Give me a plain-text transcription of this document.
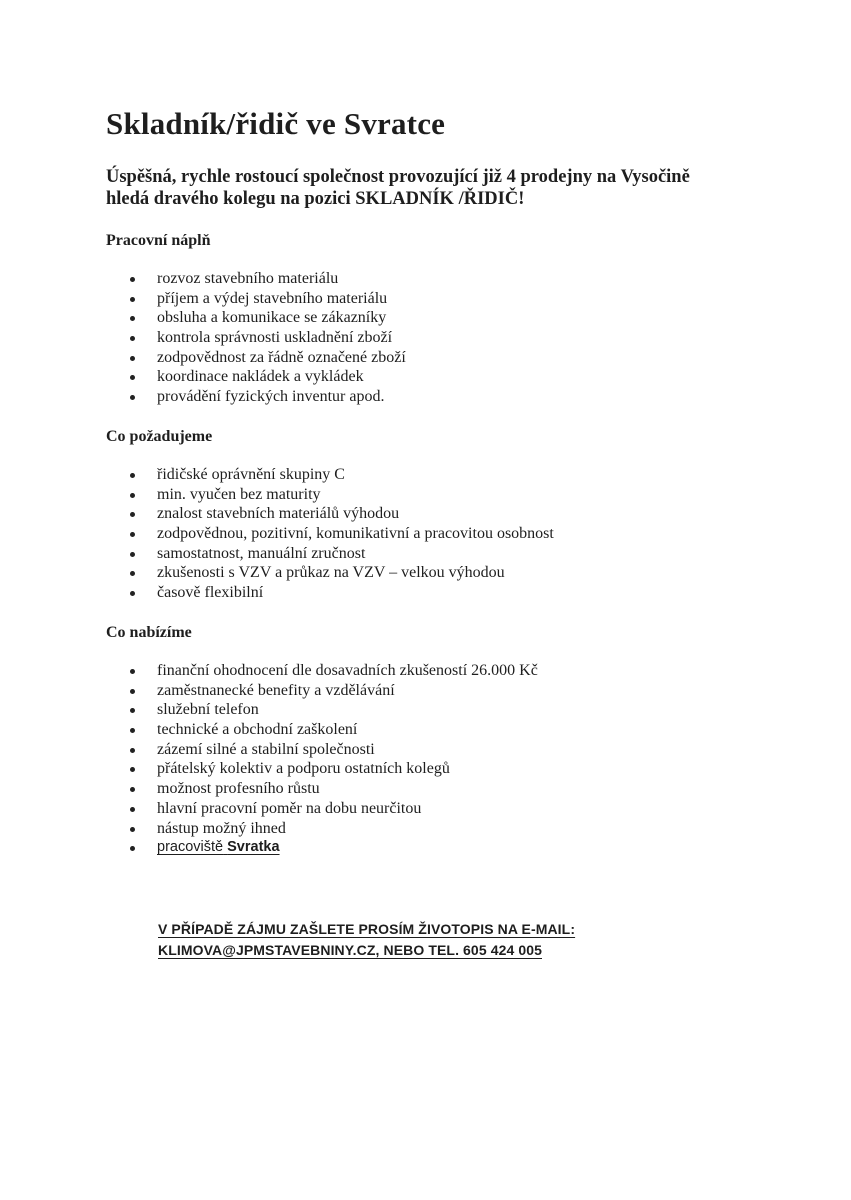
Skladník/řidič ve Svratce

Úspěšná, rychle rostoucí společnost provozující již 4 prodejny na Vysočině
hledá dravého kolegu na pozici SKLADNÍK /ŘIDIČ!

Pracovní náplň
rozvoz stavebního materiálu
příjem a výdej stavebního materiálu
obsluha a komunikace se zákazníky
kontrola správnosti uskladnění zboží
zodpovědnost za řádně označené zboží
koordinace nakládek a vykládek
provádění fyzických inventur apod.
Co požadujeme
řidičské oprávnění skupiny C
min. vyučen bez maturity
znalost stavebních materiálů výhodou
zodpovědnou, pozitivní, komunikativní a pracovitou osobnost
samostatnost, manuální zručnost
zkušenosti s VZV a průkaz na VZV – velkou výhodou
časově flexibilní
Co nabízíme
finanční ohodnocení dle dosavadních zkušeností 26.000 Kč
zaměstnanecké benefity a vzdělávání
služební telefon
technické a obchodní zaškolení
zázemí silné a stabilní společnosti
přátelský kolektiv a podporu ostatních kolegů
možnost profesního růstu
hlavní pracovní poměr na dobu neurčitou
nástup možný ihned
pracoviště Svratka
V PŘÍPADĚ ZÁJMU ZAŠLETE PROSÍM ŽIVOTOPIS NA E-MAIL:
KLIMOVA@JPMSTAVEBNINY.CZ, NEBO TEL. 605 424 005
